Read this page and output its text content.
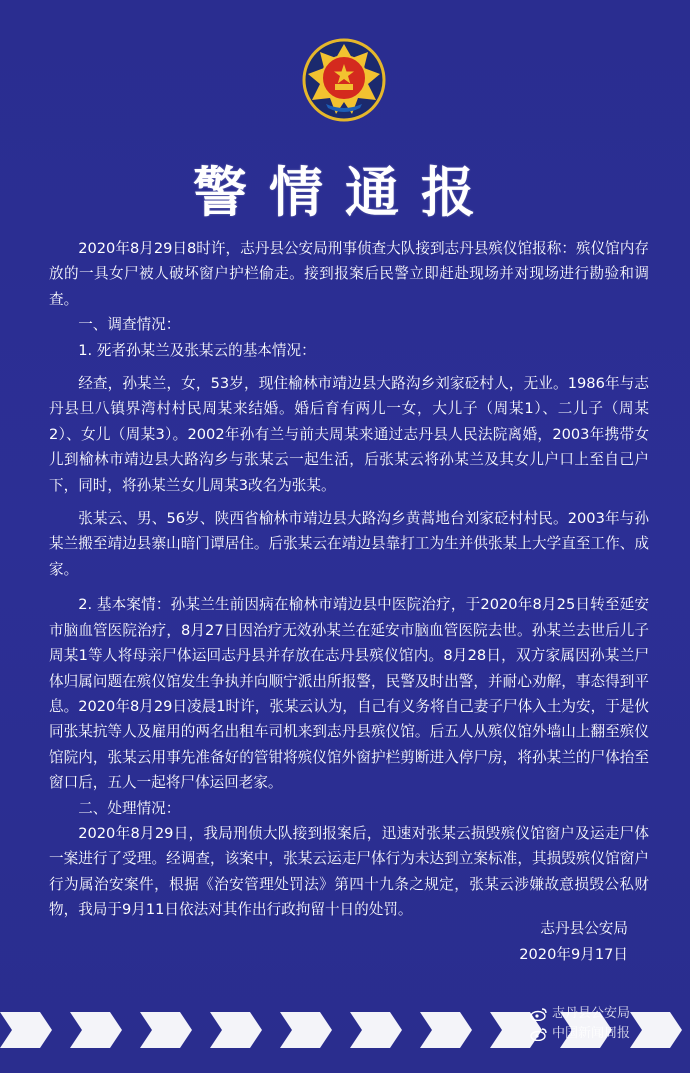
警情通报

2020年8月29日8时许，志丹县公安局刑事侦查大队接到志丹县殡仪馆报称：殡仪馆内存放的一具女尸被人破坏窗户护栏偷走。接到报案后民警立即赶赴现场并对现场进行勘验和调查。

一、调查情况：

1. 死者孙某兰及张某云的基本情况：

经查，孙某兰，女，53岁，现住榆林市靖边县大路沟乡刘家砭村人，无业。1986年与志丹县旦八镇界湾村村民周某来结婚。婚后育有两儿一女，大儿子（周某1）、二儿子（周某2）、女儿（周某3）。2002年孙有兰与前夫周某来通过志丹县人民法院离婚，2003年携带女儿到榆林市靖边县大路沟乡与张某云一起生活，后张某云将孙某兰及其女儿户口上至自己户下，同时，将孙某兰女儿周某3改名为张某。

张某云、男、56岁、陕西省榆林市靖边县大路沟乡黄蒿地台刘家砭村村民。2003年与孙某兰搬至靖边县寨山暗门谭居住。后张某云在靖边县靠打工为生并供张某上大学直至工作、成家。

2. 基本案情：孙某兰生前因病在榆林市靖边县中医院治疗，于2020年8月25日转至延安市脑血管医院治疗，8月27日因治疗无效孙某兰在延安市脑血管医院去世。孙某兰去世后儿子周某1等人将母亲尸体运回志丹县并存放在志丹县殡仪馆内。8月28日，双方家属因孙某兰尸体归属问题在殡仪馆发生争执并向顺宁派出所报警，民警及时出警，并耐心劝解，事态得到平息。2020年8月29日凌晨1时许，张某云认为，自己有义务将自己妻子尸体入土为安，于是伙同张某抗等人及雇用的两名出租车司机来到志丹县殡仪馆。后五人从殡仪馆外墙山上翻至殡仪馆院内，张某云用事先准备好的管钳将殡仪馆外窗护栏剪断进入停尸房，将孙某兰的尸体抬至窗口后，五人一起将尸体运回老家。

二、处理情况：

2020年8月29日，我局刑侦大队接到报案后，迅速对张某云损毁殡仪馆窗户及运走尸体一案进行了受理。经调查，该案中，张某云运走尸体行为未达到立案标准，其损毁殡仪馆窗户行为属治安案件，根据《治安管理处罚法》第四十九条之规定，张某云涉嫌故意损毁公私财物，我局于9月11日依法对其作出行政拘留十日的处罚。

志丹县公安局
2020年9月17日
志丹县公安局
中国新闻周报
